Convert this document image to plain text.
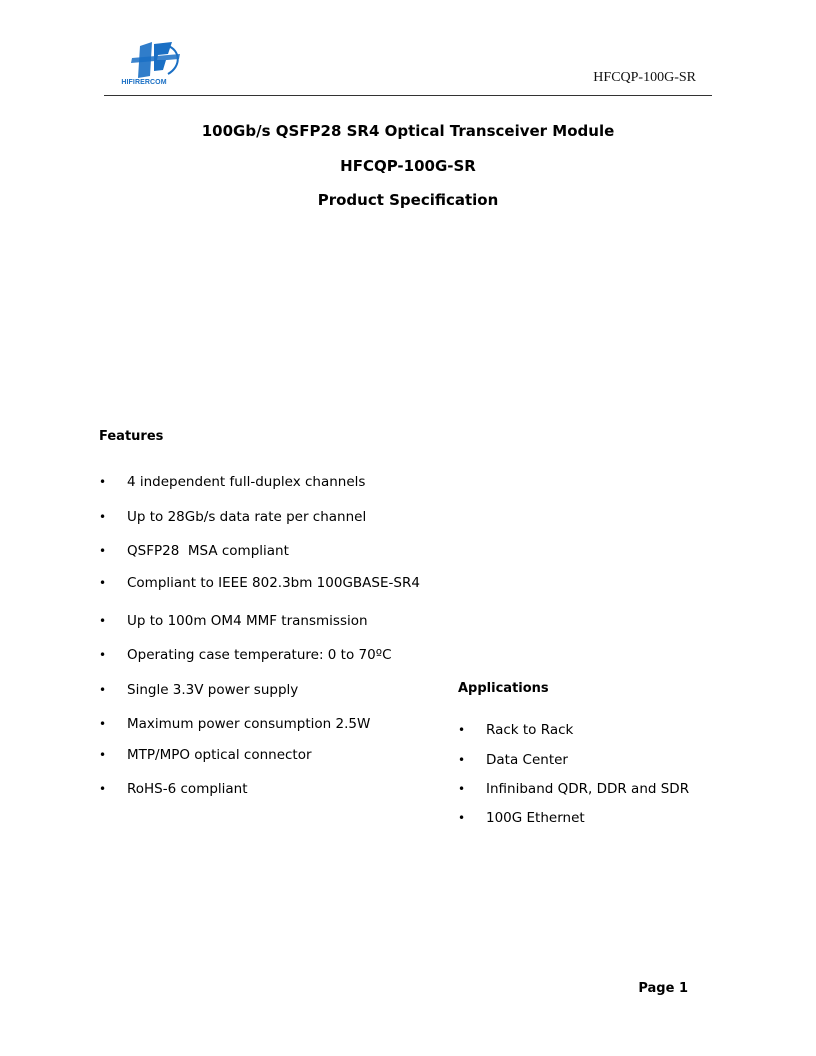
HIFIRERCOM	HFCQP-100G-SR
100Gb/s QSFP28 SR4 Optical Transceiver Module
HFCQP-100G-SR
Product Specification
Features
• 4 independent full-duplex channels
• Up to 28Gb/s data rate per channel
• QSFP28  MSA compliant
• Compliant to IEEE 802.3bm 100GBASE-SR4
• Up to 100m OM4 MMF transmission
• Operating case temperature: 0 to 70ºC
• Single 3.3V power supply
• Maximum power consumption 2.5W
• MTP/MPO optical connector
• RoHS-6 compliant
Applications
• Rack to Rack
• Data Center
• Infiniband QDR, DDR and SDR
• 100G Ethernet
Page 1
